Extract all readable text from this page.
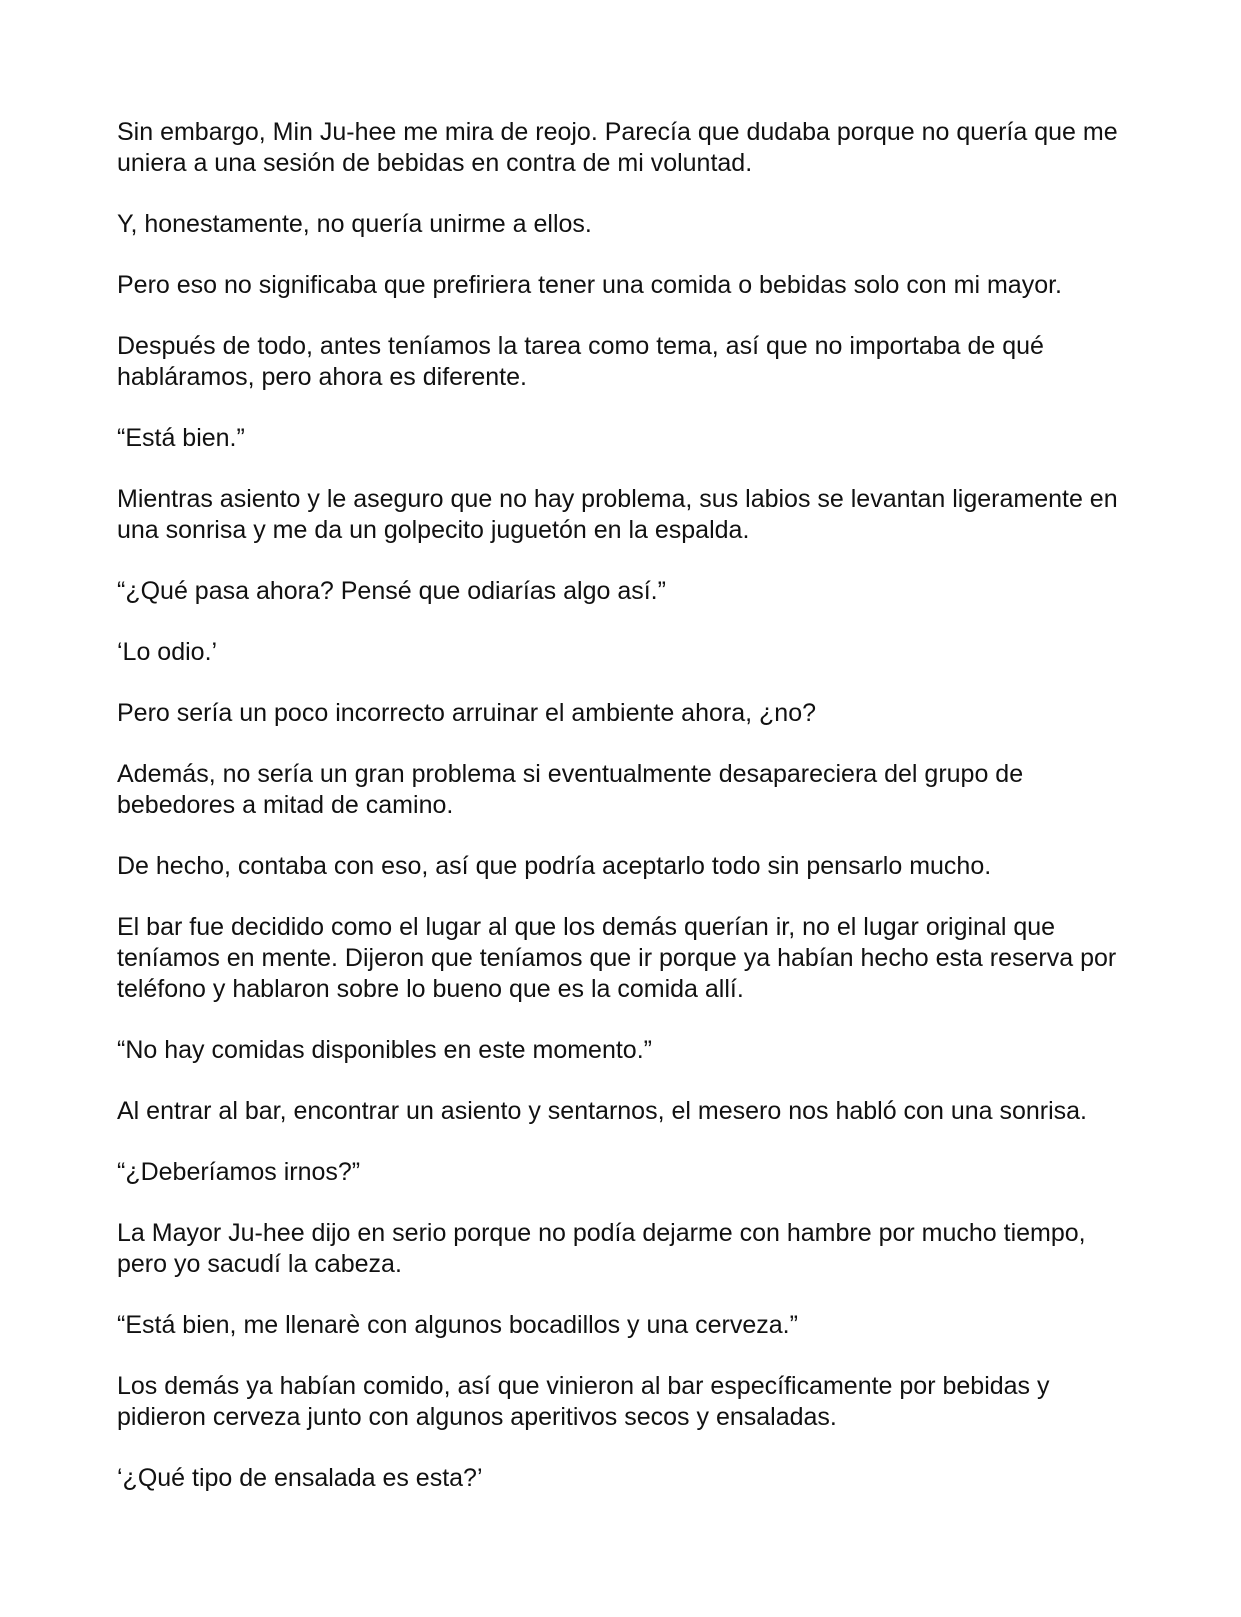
Sin embargo, Min Ju-hee me mira de reojo. Parecía que dudaba porque no quería que me uniera a una sesión de bebidas en contra de mi voluntad.

Y, honestamente, no quería unirme a ellos.

Pero eso no significaba que prefiriera tener una comida o bebidas solo con mi mayor.

Después de todo, antes teníamos la tarea como tema, así que no importaba de qué habláramos, pero ahora es diferente.

“Está bien.”

Mientras asiento y le aseguro que no hay problema, sus labios se levantan ligeramente en una sonrisa y me da un golpecito juguetón en la espalda.

“¿Qué pasa ahora? Pensé que odiarías algo así.”

‘Lo odio.’

Pero sería un poco incorrecto arruinar el ambiente ahora, ¿no?

Además, no sería un gran problema si eventualmente desapareciera del grupo de bebedores a mitad de camino.

De hecho, contaba con eso, así que podría aceptarlo todo sin pensarlo mucho.

El bar fue decidido como el lugar al que los demás querían ir, no el lugar original que teníamos en mente. Dijeron que teníamos que ir porque ya habían hecho esta reserva por teléfono y hablaron sobre lo bueno que es la comida allí.

“No hay comidas disponibles en este momento.”

Al entrar al bar, encontrar un asiento y sentarnos, el mesero nos habló con una sonrisa.

“¿Deberíamos irnos?”

La Mayor Ju-hee dijo en serio porque no podía dejarme con hambre por mucho tiempo, pero yo sacudí la cabeza.

“Está bien, me llenarè con algunos bocadillos y una cerveza.”

Los demás ya habían comido, así que vinieron al bar específicamente por bebidas y pidieron cerveza junto con algunos aperitivos secos y ensaladas.

‘¿Qué tipo de ensalada es esta?’
